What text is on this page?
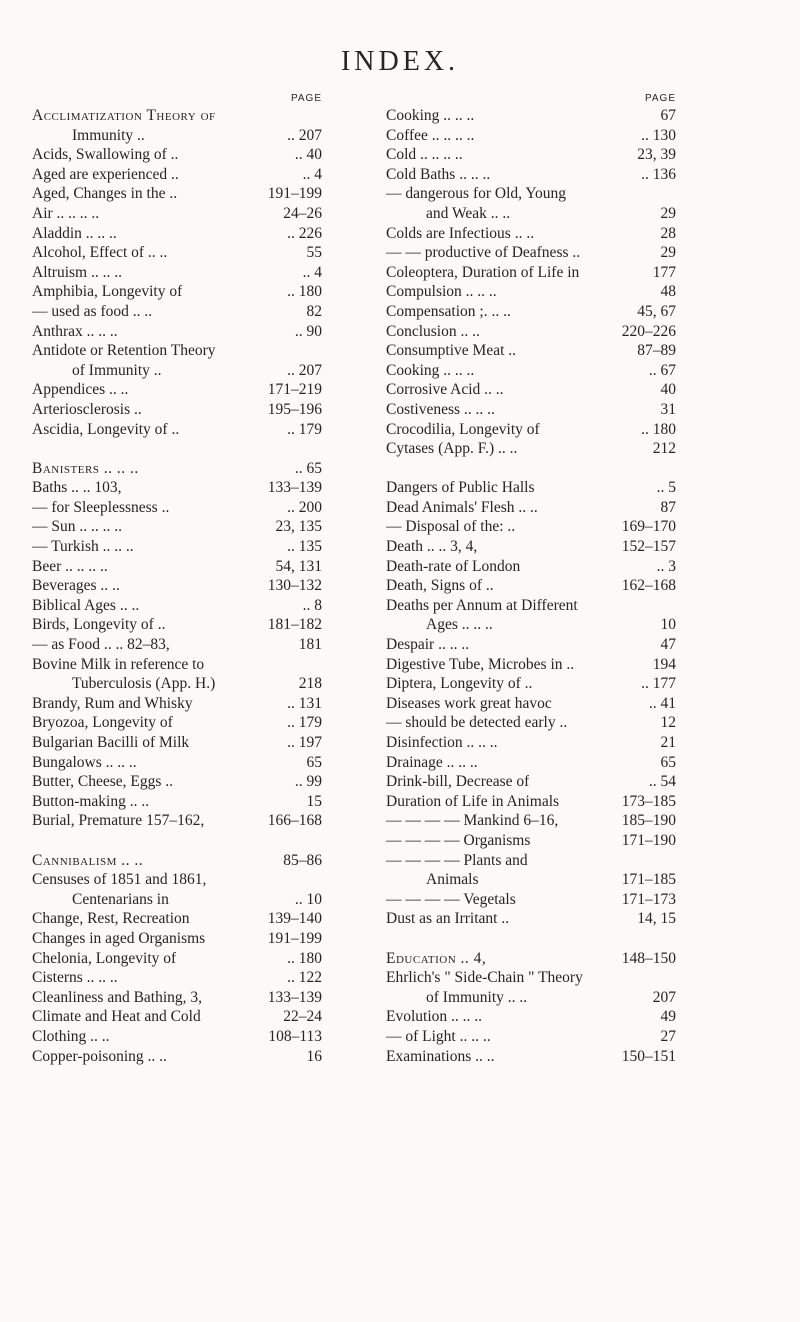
INDEX.
PAGE
Acclimatization Theory of
Immunity ..	.. 207
Acids, Swallowing of ..	.. 40
Aged are experienced ..	.. 4
Aged, Changes in the ..	191–199
Air .. .. .. ..	24–26
Aladdin .. .. ..	.. 226
Alcohol, Effect of .. ..	55
Altruism .. .. ..	.. 4
Amphibia, Longevity of	.. 180
— used as food .. ..	82
Anthrax .. .. ..	.. 90
Antidote or Retention Theory
of Immunity ..	.. 207
Appendices .. ..	171–219
Arteriosclerosis ..	195–196
Ascidia, Longevity of ..	.. 179
Banisters .. .. ..	.. 65
Baths .. .. 103,	133–139
— for Sleeplessness ..	.. 200
— Sun .. .. .. ..	23, 135
— Turkish .. .. ..	.. 135
Beer .. .. .. ..	54, 131
Beverages .. ..	130–132
Biblical Ages .. ..	.. 8
Birds, Longevity of ..	181–182
— as Food .. .. 82–83,	181
Bovine Milk in reference to
Tuberculosis (App. H.)	218
Brandy, Rum and Whisky	.. 131
Bryozoa, Longevity of	.. 179
Bulgarian Bacilli of Milk	.. 197
Bungalows .. .. ..	65
Butter, Cheese, Eggs ..	.. 99
Button-making .. ..	15
Burial, Premature 157–162,	166–168
Cannibalism .. ..	85–86
Censuses of 1851 and 1861,
Centenarians in	.. 10
Change, Rest, Recreation	139–140
Changes in aged Organisms	191–199
Chelonia, Longevity of	.. 180
Cisterns .. .. ..	.. 122
Cleanliness and Bathing, 3,	133–139
Climate and Heat and Cold	22–24
Clothing .. ..	108–113
Copper-poisoning .. ..	16
PAGE
Cooking .. .. ..	67
Coffee .. .. .. ..	.. 130
Cold .. .. .. ..	23, 39
Cold Baths .. .. ..	.. 136
— dangerous for Old, Young
and Weak .. ..	29
Colds are Infectious .. ..	28
— — productive of Deafness ..	29
Coleoptera, Duration of Life in	177
Compulsion .. .. ..	48
Compensation ;. .. ..	45, 67
Conclusion .. ..	220–226
Consumptive Meat ..	87–89
Cooking .. .. ..	.. 67
Corrosive Acid .. ..	40
Costiveness .. .. ..	31
Crocodilia, Longevity of	.. 180
Cytases (App. F.) .. ..	212
Dangers of Public Halls	.. 5
Dead Animals' Flesh .. ..	87
— Disposal of the: ..	169–170
Death .. .. 3, 4,	152–157
Death-rate of London	.. 3
Death, Signs of ..	162–168
Deaths per Annum at Different
Ages .. .. ..	10
Despair .. .. ..	47
Digestive Tube, Microbes in ..	194
Diptera, Longevity of ..	.. 177
Diseases work great havoc	.. 41
— should be detected early ..	12
Disinfection .. .. ..	21
Drainage .. .. ..	65
Drink-bill, Decrease of	.. 54
Duration of Life in Animals	173–185
— — — — Mankind 6–16,	185–190
— — — — Organisms	171–190
— — — — Plants and
Animals	171–185
— — — — Vegetals	171–173
Dust as an Irritant ..	14, 15
Education .. 4,	148–150
Ehrlich's " Side-Chain " Theory
of Immunity .. ..	207
Evolution .. .. ..	49
— of Light .. .. ..	27
Examinations .. ..	150–151
